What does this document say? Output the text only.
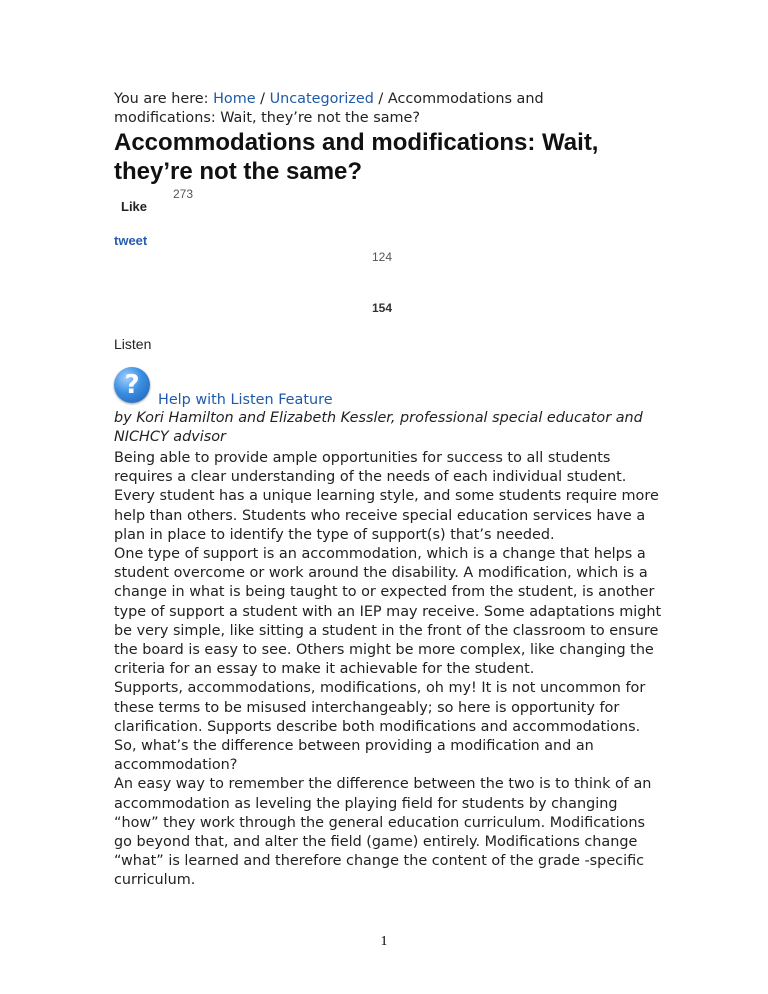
You are here: Home / Uncategorized / Accommodations and modifications: Wait, they’re not the same?
Accommodations and modifications: Wait, they’re not the same?
273
Like
tweet
124
154
Listen
?	Help with Listen Feature
by Kori Hamilton and Elizabeth Kessler, professional special educator and NICHCY advisor

Being able to provide ample opportunities for success to all students requires a clear understanding of the needs of each individual student. Every student has a unique learning style, and some students require more help than others. Students who receive special education services have a plan in place to identify the type of support(s) that’s needed.

One type of support is an accommodation, which is a change that helps a student overcome or work around the disability. A modification, which is a change in what is being taught to or expected from the student, is another type of support a student with an IEP may receive. Some adaptations might be very simple, like sitting a student in the front of the classroom to ensure the board is easy to see. Others might be more complex, like changing the criteria for an essay to make it achievable for the student.

Supports, accommodations, modifications, oh my! It is not uncommon for these terms to be misused interchangeably; so here is opportunity for clarification. Supports describe both modifications and accommodations. So, what’s the difference between providing a modification and an accommodation?

An easy way to remember the difference between the two is to think of an accommodation as leveling the playing field for students by changing “how” they work through the general education curriculum. Modifications go beyond that, and alter the field (game) entirely. Modifications change “what” is learned and therefore change the content of the grade -specific curriculum.

1
